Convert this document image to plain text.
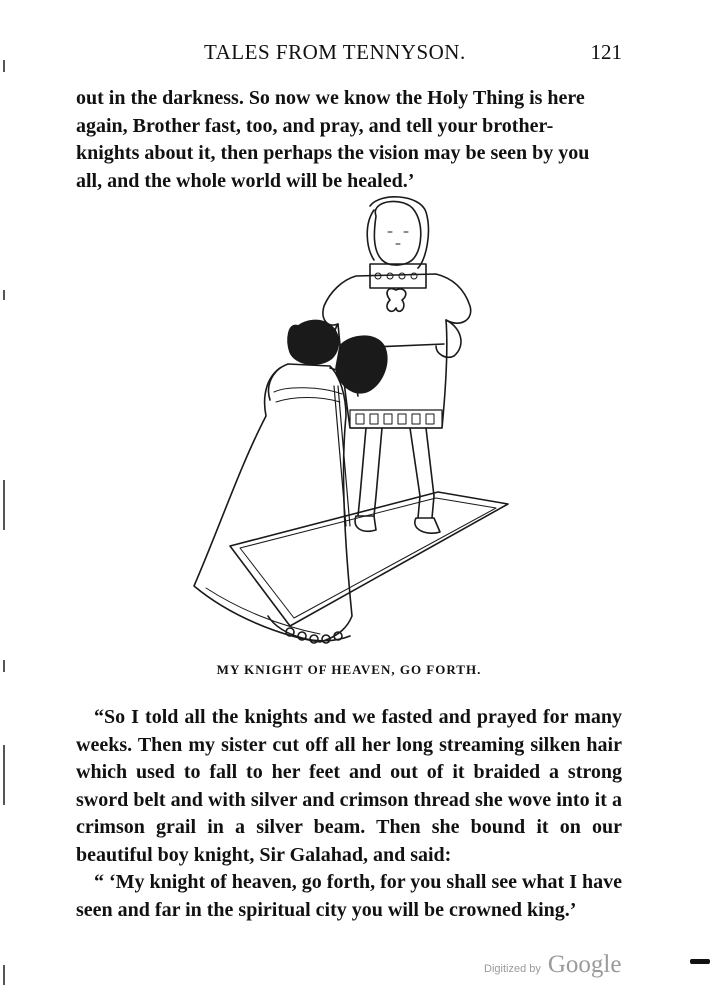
TALES FROM TENNYSON.	121

out in the darkness. So now we know the Holy Thing is here

again, Brother fast, too, and pray, and tell your brother-

knights about it, then perhaps the vision may be seen by you

all, and the whole world will be healed.’

MY KNIGHT OF HEAVEN, GO FORTH.

“So I told all the knights and we fasted and prayed for many weeks. Then my sister cut off all her long streaming silken hair which used to fall to her feet and out of it braided a strong sword belt and with silver and crimson thread she wove into it a crimson grail in a silver beam. Then she bound it on our beautiful boy knight, Sir Galahad, and said:

“ ‘My knight of heaven, go forth, for you shall see what I have seen and far in the spiritual city you will be crowned king.’

Digitized by Google
